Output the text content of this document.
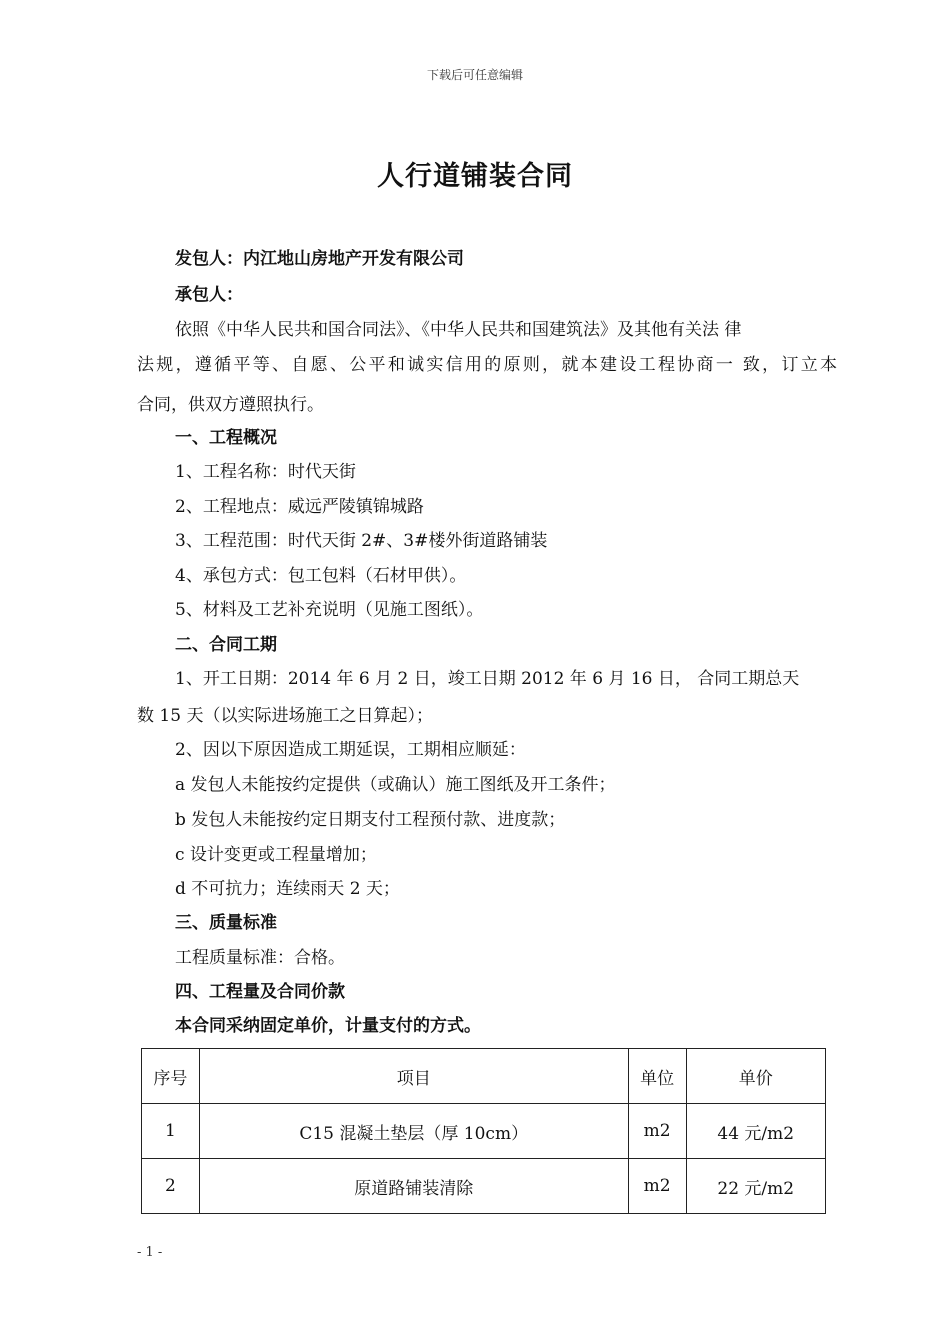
下载后可任意编辑
人行道铺装合同
发包人：内江地山房地产开发有限公司
承包人：
依照《中华人民共和国合同法》、《中华人民共和国建筑法》及其他有关法 律
法规，遵循平等、自愿、公平和诚实信用的原则，就本建设工程协商一 致，订立本
合同，供双方遵照执行。
一、工程概况
1、工程名称：时代天街
2、工程地点：威远严陵镇锦城路
3、工程范围：时代天街 2#、3#楼外街道路铺装
4、承包方式：包工包料（石材甲供）。
5、材料及工艺补充说明（见施工图纸）。
二、合同工期
1、开工日期：2014 年 6 月 2 日，竣工日期 2012 年 6 月 16 日， 合同工期总天
数 15 天（以实际进场施工之日算起）；
2、因以下原因造成工期延误，工期相应顺延：
a 发包人未能按约定提供（或确认）施工图纸及开工条件；
b 发包人未能按约定日期支付工程预付款、进度款；
c 设计变更或工程量增加；
d 不可抗力；连续雨天 2 天；
三、质量标准
工程质量标准：合格。
四、工程量及合同价款
本合同采纳固定单价，计量支付的方式。
序号	项目	单位	单价
1	C15 混凝土垫层（厚 10cm）	m2	44 元/m2
2	原道路铺装清除	m2	22 元/m2
- 1 -
